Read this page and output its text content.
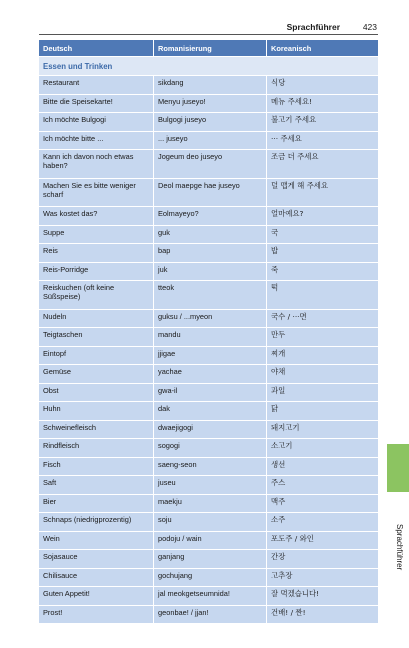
Sprachführer	423
Deutsch	Romanisierung	Koreanisch
Essen und Trinken		
Restaurant	sikdang	식당
Bitte die Speisekarte!	Menyu juseyo!	메뉴 주세요!
Ich möchte Bulgogi	Bulgogi juseyo	불고기 주세요
Ich möchte bitte ...	... juseyo	··· 주세요
Kann ich davon noch etwas haben?	Jogeum deo juseyo	조금 더 주세요
Machen Sie es bitte weniger scharf	Deol maepge hae juseyo	덜 맵게 해 주세요
Was kostet das?	Eolmayeyo?	얼마예요?
Suppe	guk	국
Reis	bap	밥
Reis-Porridge	juk	죽
Reiskuchen (oft keine Süßspeise)	tteok	떡
Nudeln	guksu / ...myeon	국수 / ···면
Teigtaschen	mandu	만두
Eintopf	jjigae	찌개
Gemüse	yachae	야채
Obst	gwa-il	과일
Huhn	dak	닭
Schweinefleisch	dwaejigogi	돼지고기
Rindfleisch	sogogi	소고기
Fisch	saeng-seon	생선
Saft	juseu	주스
Bier	maekju	맥주
Schnaps (niedrigprozentig)	soju	소주
Wein	podoju / wain	포도주 / 와인
Sojasauce	ganjang	간장
Chilisauce	gochujang	고추장
Guten Appetit!	jal meokgetseumnida!	잘 먹겠습니다!
Prost!	geonbae! / jjan!	건배! / 짠!
Sprachführer
